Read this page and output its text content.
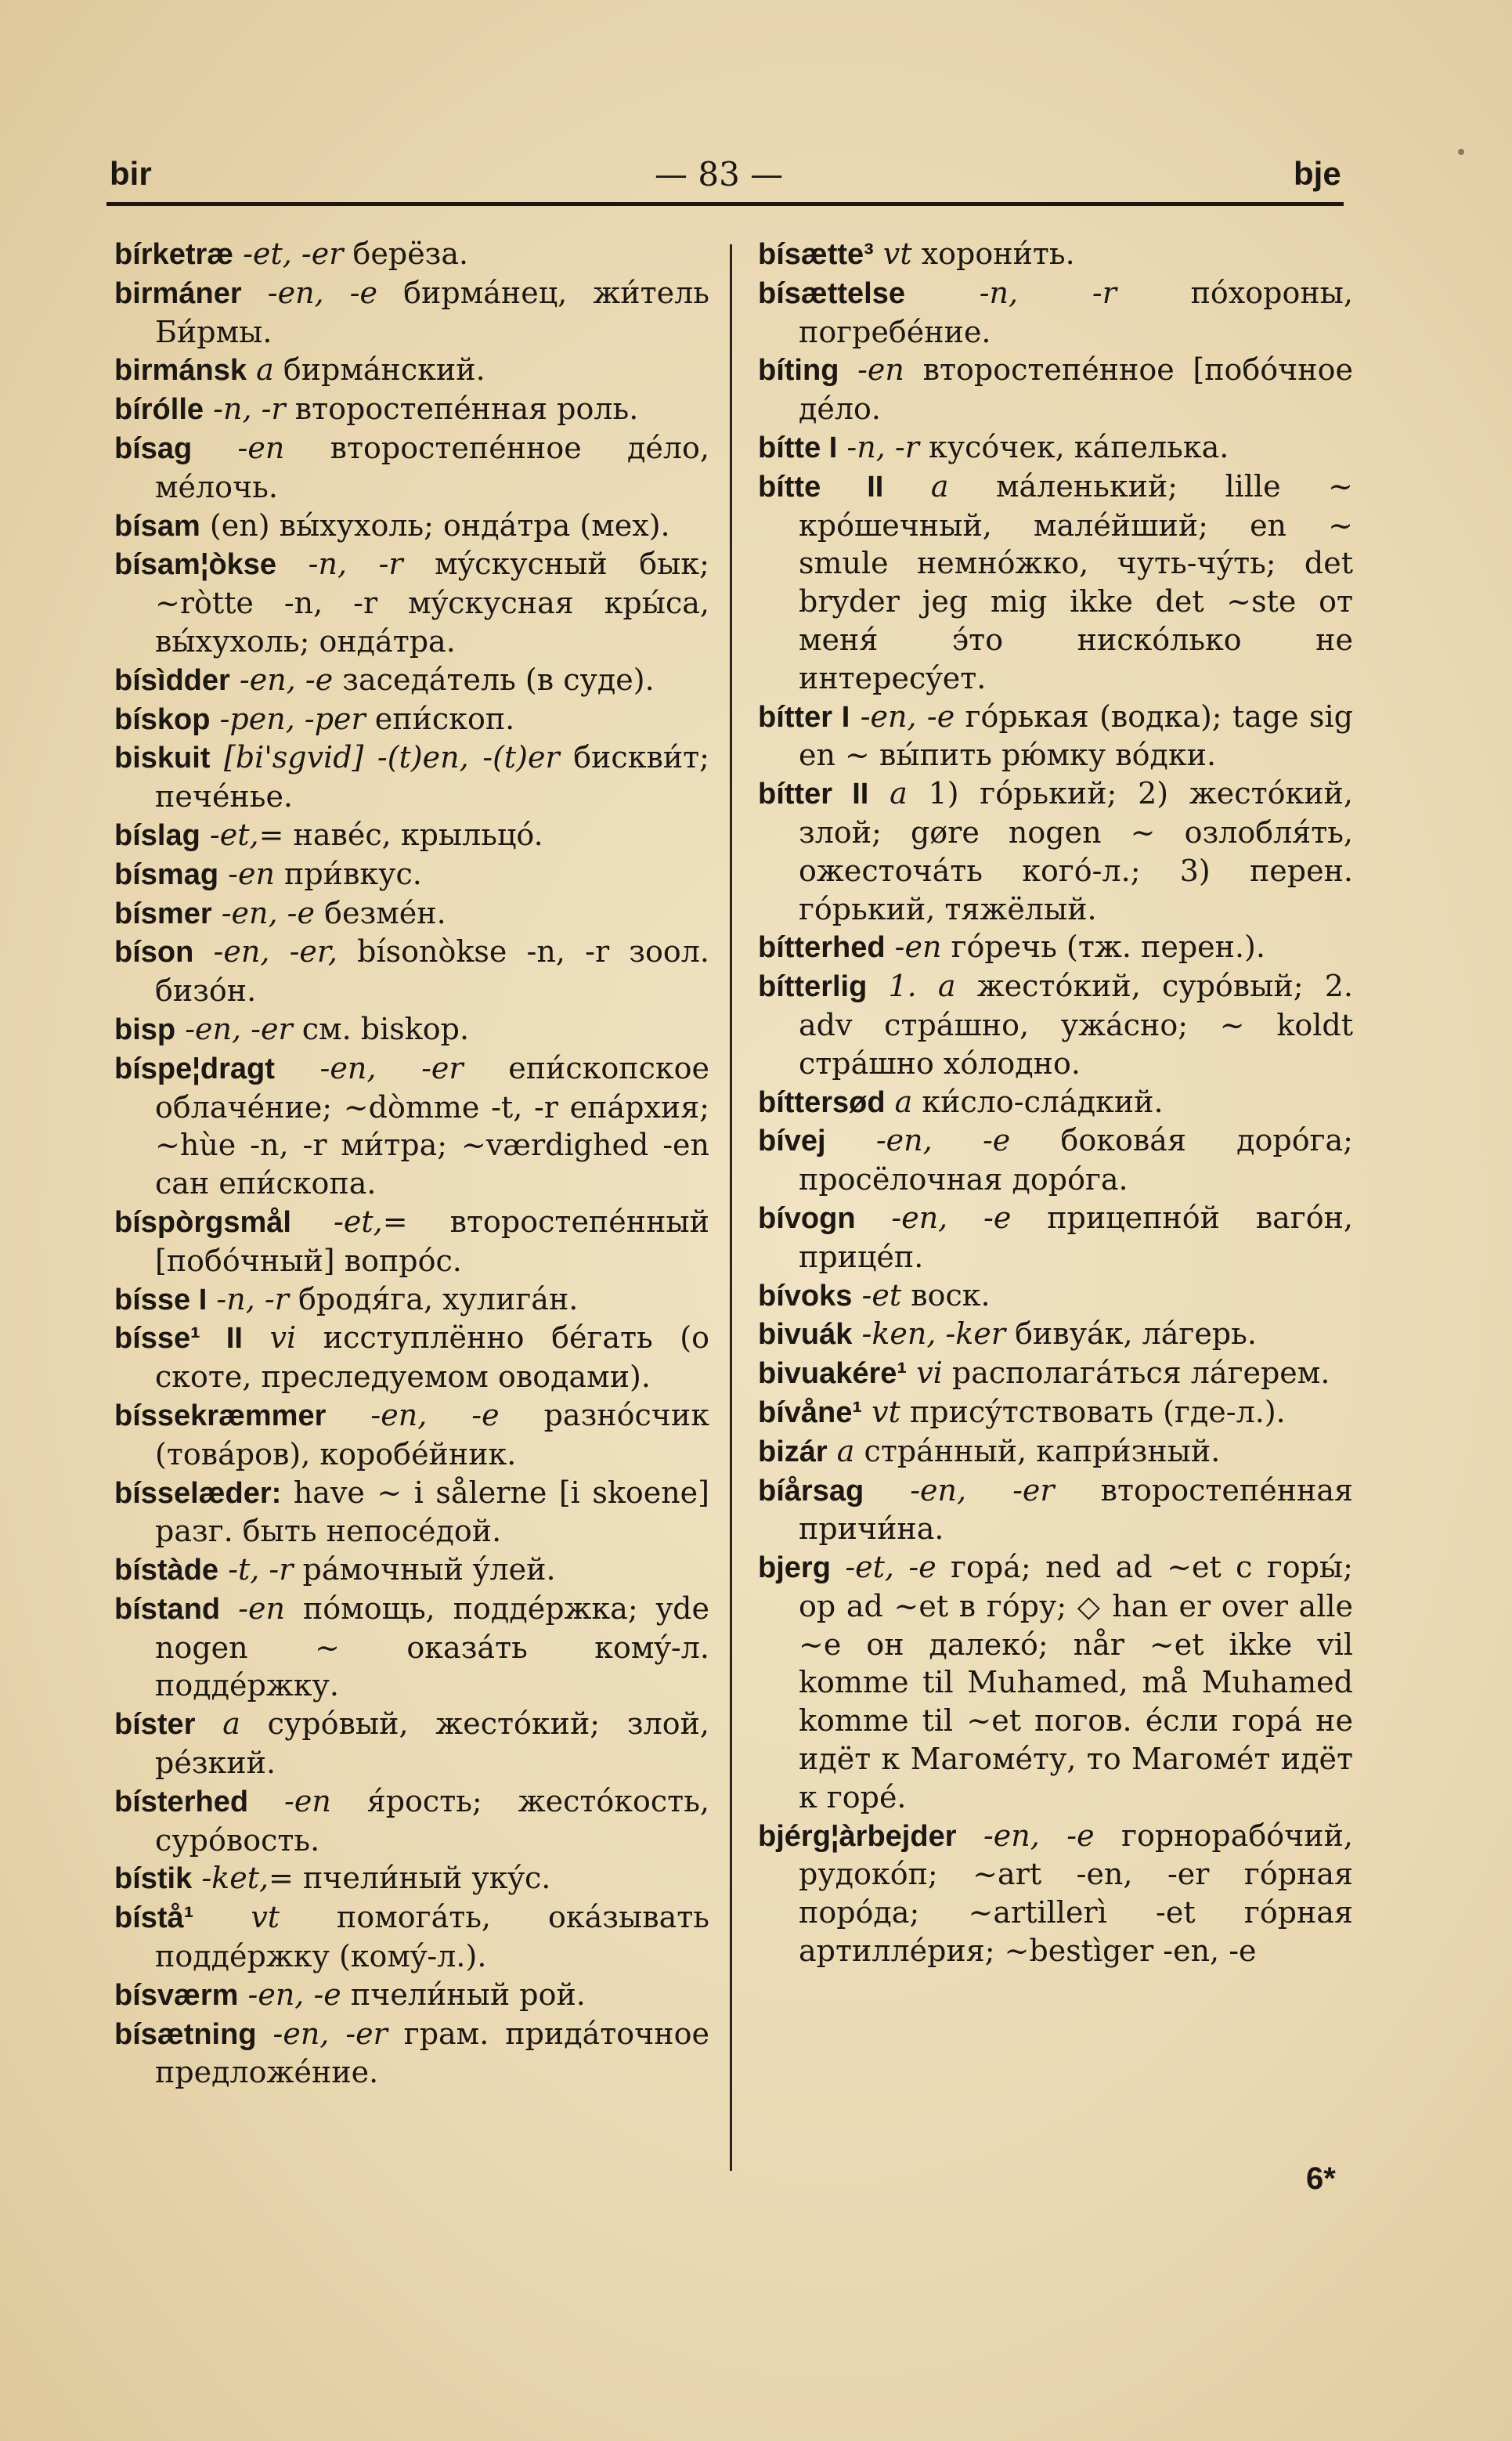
bir	— 83 —	bje

bírketræ -et, -er берёза.

birmáner -en, -e бирмáнец, жи́тель Би́рмы.

birmánsk a бирмáнский.

bírólle -n, -r второстепéнная роль.

bísag -en второстепéнное дéло, мéлочь.

bísam (en) вы́хухоль; ондáтра (мех).

bísam¦òkse -n, -r мýскусный бык; ~ròtte -n, -r мýскусная кры́са, вы́хухоль; ондáтра.

bísìdder -en, -e заседáтель (в суде).

bískop -pen, -per епи́скоп.

biskuit [bi'sgvid] -(t)en, -(t)er бискви́т; печéнье.

bíslag -et,= навéс, крыльцó.

bísmag -en при́вкус.

bísmer -en, -e безмéн.

bíson -en, -er, bísonòkse -n, -r зоол. бизóн.

bisp -en, -er см. biskop.

bíspe¦dragt -en, -er епи́скопское облачéние; ~dòmme -t, -r епáрхия; ~hùe -n, -r ми́тра; ~værdighed -en сан епи́скопа.

bíspòrgsmål -et,= второстепéнный [побóчный] вопрóс.

bísse I -n, -r бродя́га, хулигáн.

bísse¹ II vi исступлённо бéгать (о скоте, преследуемом оводами).

bíssekræmmer -en, -e разнóсчик (товáров), коробéйник.

bísselæder: have ~ i sålerne [i skoene] разг. быть непосéдой.

bístàde -t, -r рáмочный ýлей.

bístand -en пóмощь, поддéржка; yde nogen ~ оказáть комý-л. поддéржку.

bíster a сурóвый, жестóкий; злой, рéзкий.

bísterhed -en я́рость; жестóкость, сурóвость.

bístik -ket,= пчели́ный укýс.

bístå¹ vt помогáть, окáзывать поддéржку (комý-л.).

bísværm -en, -e пчели́ный рой.

bísætning -en, -er грам. придáточное предложéние.

bísætte³ vt хорони́ть.

bísættelse -n, -r пóхороны, погребéние.

bíting -en второстепéнное [побóчное дéло.

bítte I -n, -r кусóчек, кáпелька.

bítte II a мáленький; lille ~ крóшечный, малéйший; en ~ smule немнóжко, чуть-чýть; det bryder jeg mig ikke det ~ste от меня́ э́то нискóлько не интересýет.

bítter I -en, -e гóрькая (водка); tage sig en ~ вы́пить рю́мку вóдки.

bítter II a 1) гóрький; 2) жестóкий, злой; gøre nogen ~ озлобля́ть, ожесточáть когó-л.; 3) перен. гóрький, тяжёлый.

bítterhed -en гóречь (тж. перен.).

bítterlig 1. a жестóкий, сурóвый; 2. adv стрáшно, ужáсно; ~ koldt стрáшно хóлодно.

bíttersød a ки́сло-слáдкий.

bívej -en, -e боковáя дорóга; просёлочная дорóга.

bívogn -en, -e прицепнóй вагóн, прицéп.

bívoks -et воск.

bivuák -ken, -ker бивуáк, лáгерь.

bivuakére¹ vi располагáться лáгерем.

bívåne¹ vt присýтствовать (где-л.).

bizár a стрáнный, капри́зный.

bíårsag -en, -er второстепéнная причи́на.

bjerg -et, -e горá; ned ad ~et с горы́; op ad ~et в гóру; ◇ han er over alle ~e он далекó; når ~et ikke vil komme til Muhamed, må Muhamed komme til ~et погов. éсли горá не идёт к Магомéту, то Магомéт идёт к горé.

bjérg¦àrbejder -en, -e горнорабóчий, рудокóп; ~art -en, -er гóрная порóда; ~artillerì -et гóрная артиллéрия; ~bestìger -en, -e

6*
